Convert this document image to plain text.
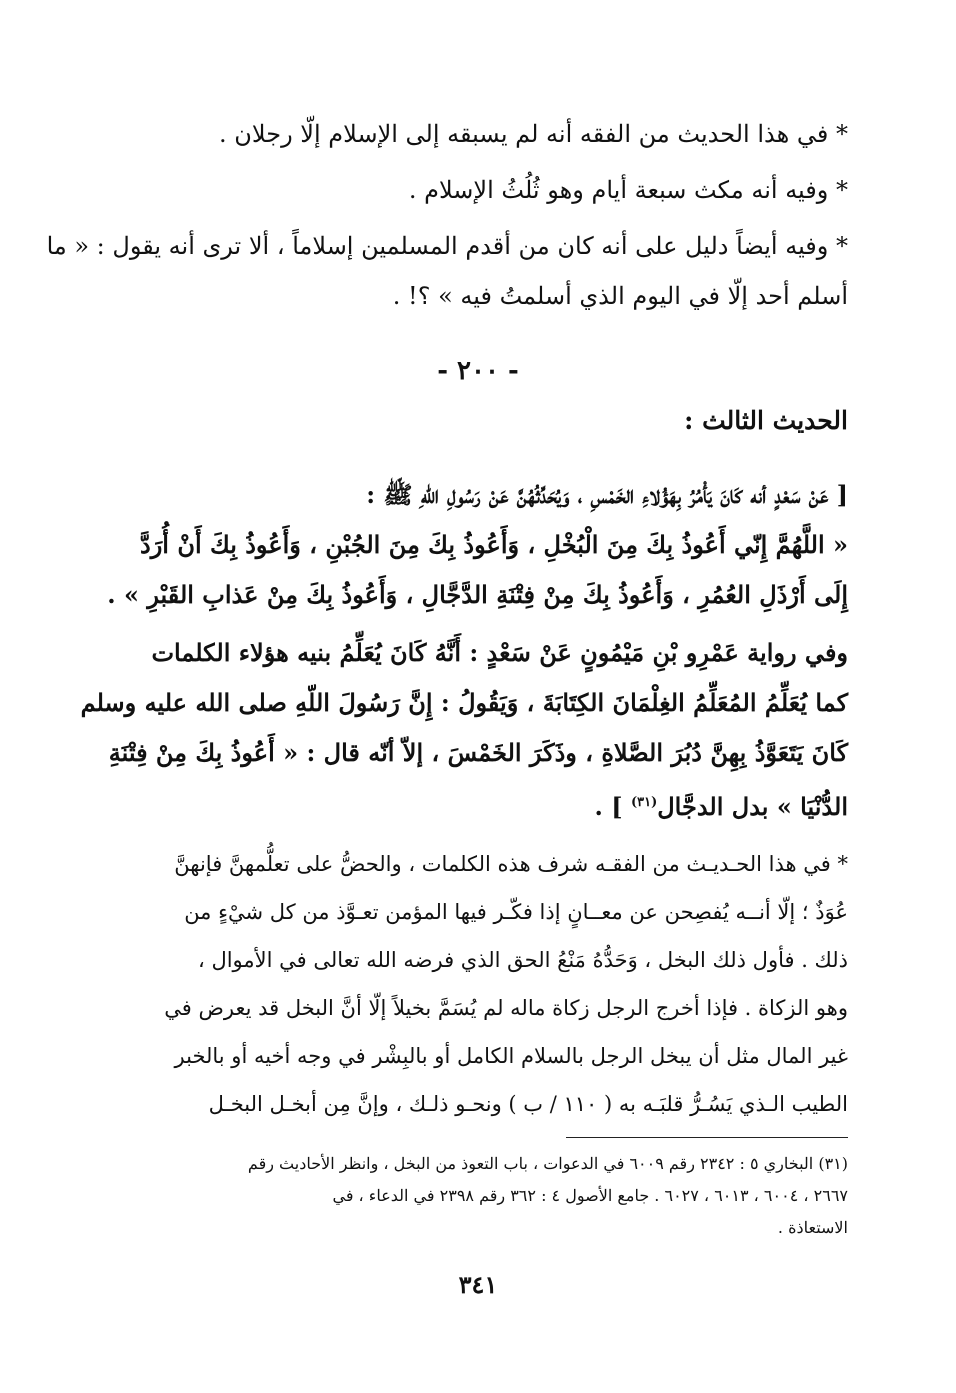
* في هذا الحديث من الفقه أنه لم يسبقه إلى الإسلام إلّا رجلان .
* وفيه أنه مكث سبعة أيام وهو ثُلُثُ الإسلام .
* وفيه أيضاً دليل على أنه كان من أقدم المسلمين إسلاماً ، ألا ترى أنه يقول : « ما
أسلم أحد إلّا في اليوم الذي أسلمتُ فيه » ؟! .
- ٢٠٠ -
الحديث الثالث :
[ عَنْ سَعْدٍ أنه كَانَ يَأْمُرُ بِهَؤُلاءِ الخَمْسِ ، وَيُحَدِّثُهُنَّ عَنْ رَسُولِ اللهِ ﷺ :
« اللَّهُمَّ إِنّي أَعُوذُ بِكَ مِنَ الْبُخْلِ ، وَأَعُوذُ بِكَ مِنَ الجُبْنِ ، وَأَعُوذُ بِكَ أَنْ أُرَدَّ
إِلَى أَرْذَلِ العُمُرِ ، وَأَعُوذُ بِكَ مِنْ فِتْنَةِ الدَّجَّالِ ، وَأَعُوذُ بِكَ مِنْ عَذابِ القَبْرِ » .
وفي رواية عَمْرِو بْنِ مَيْمُونٍ عَنْ سَعْدٍ : أَنَّهُ كَانَ يُعَلِّمُ بنيه هؤلاء الكلمات
كما يُعَلِّمُ المُعَلِّمُ الغِلْمَانَ الكِتَابَةَ ، وَيَقُولُ : إِنَّ رَسُولَ اللّهِ صلى الله عليه وسلم
كَانَ يَتَعَوَّذُ بِهِنَّ دُبُرَ الصَّلاةِ ، وذَكَرَ الخَمْسَ ، إلاّ أنّه قال : « أَعُوذُ بِكَ مِنْ فِتْنَةِ
الدُّنْيَا » بدل الدجَّال$^{(٣١)}$ ] .
* في هذا الحـديـث من الفقـه شرف هذه الكلمات ، والحضُّ على تعلُّمهنَّ فإنهنَّ
عُوَذٌ ؛ إلّا أنــه يُفصِحن عن معــانٍ إذا فكّـر فيها المؤمن تعـوَّذ من كل شيْءٍ من
ذلك . فأول ذلك البخل ، وَحَدُّهُ مَنْعُ الحق الذي فرضه الله تعالى في الأموال ،
وهو الزكاة . فإذا أخرج الرجل زكاة ماله لم يُسَمَّ بخيلاً إلّا أنَّ البخل قد يعرض في
غير المال مثل أن يبخل الرجل بالسلام الكامل أو بالبِشْر في وجه أخيه أو بالخبر
الطيب الـذي يَسُـرُّ قلبَـه به ( ١١٠ / ب ) ونحـو ذلـك ، وإنَّ مِن أبخـل البخـل
(٣١) البخاري ٥ : ٢٣٤٢ رقم ٦٠٠٩ في الدعوات ، باب التعوذ من البخل ، وانظر الأحاديث رقم
٢٦٦٧ ، ٦٠٠٤ ، ٦٠١٣ ، ٦٠٢٧ . جامع الأصول ٤ : ٣٦٢ رقم ٢٣٩٨ في الدعاء ، في
الاستعاذة .
٣٤١
